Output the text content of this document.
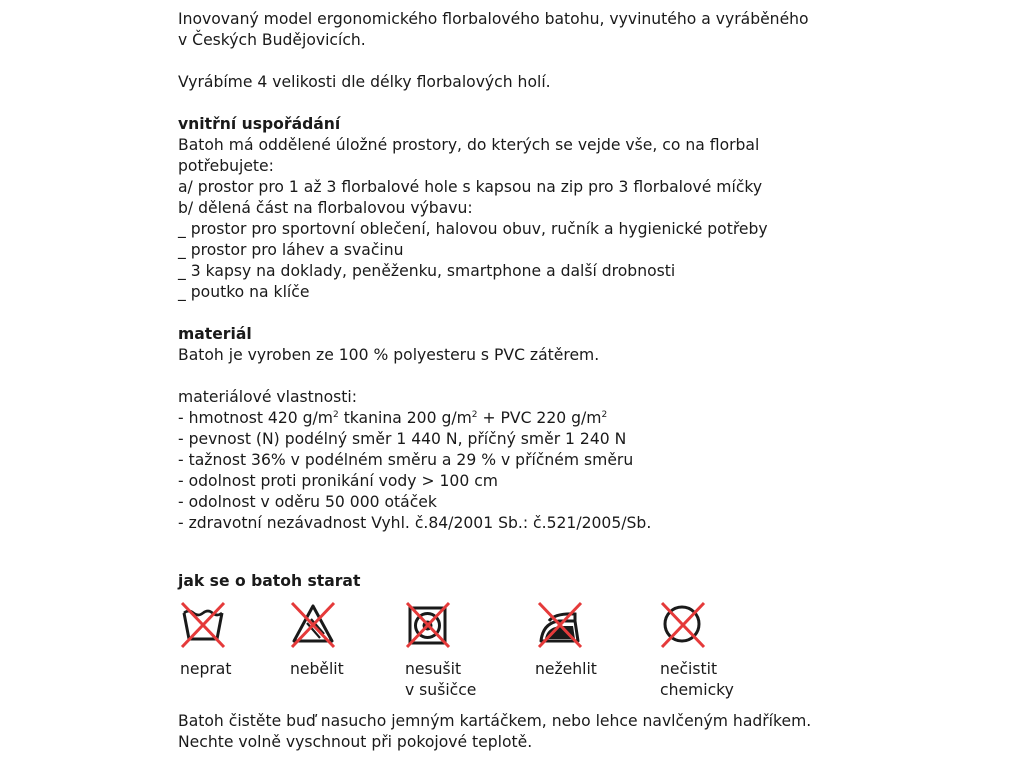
Inovovaný model ergonomického florbalového batohu, vyvinutého a vyráběného
v Českých Budějovicích.
Vyrábíme 4 velikosti dle délky florbalových holí.
vnitřní uspořádání
Batoh má oddělené úložné prostory, do kterých se vejde vše, co na florbal
potřebujete:
a/ prostor pro 1 až 3 florbalové hole s kapsou na zip pro 3 florbalové míčky
b/ dělená část na florbalovou výbavu:
_ prostor pro sportovní oblečení, halovou obuv, ručník a hygienické potřeby
_ prostor pro láhev a svačinu
_ 3 kapsy na doklady, peněženku, smartphone a další drobnosti
_ poutko na klíče
materiál
Batoh je vyroben ze 100 % polyesteru s PVC zátěrem.
materiálové vlastnosti:
- hmotnost 420 $g/m^2$ tkanina 200 $g/m^2$ + PVC 220 $g/m^2$
- pevnost (N) podélný směr 1 440 N, příčný směr 1 240 N
- tažnost 36% v podélném směru a 29 % v příčném směru
- odolnost proti pronikání vody > 100 cm
- odolnost v oděru 50 000 otáček
- zdravotní nezávadnost Vyhl. č.84/2001 Sb.: č.521/2005/Sb.
jak se o batoh starat
neprat	nebělit	nesušit
v sušičce
nežehlit	nečistit
chemicky
Batoh čistěte buď nasucho jemným kartáčkem, nebo lehce navlčeným hadříkem.
Nechte volně vyschnout při pokojové teplotě.
